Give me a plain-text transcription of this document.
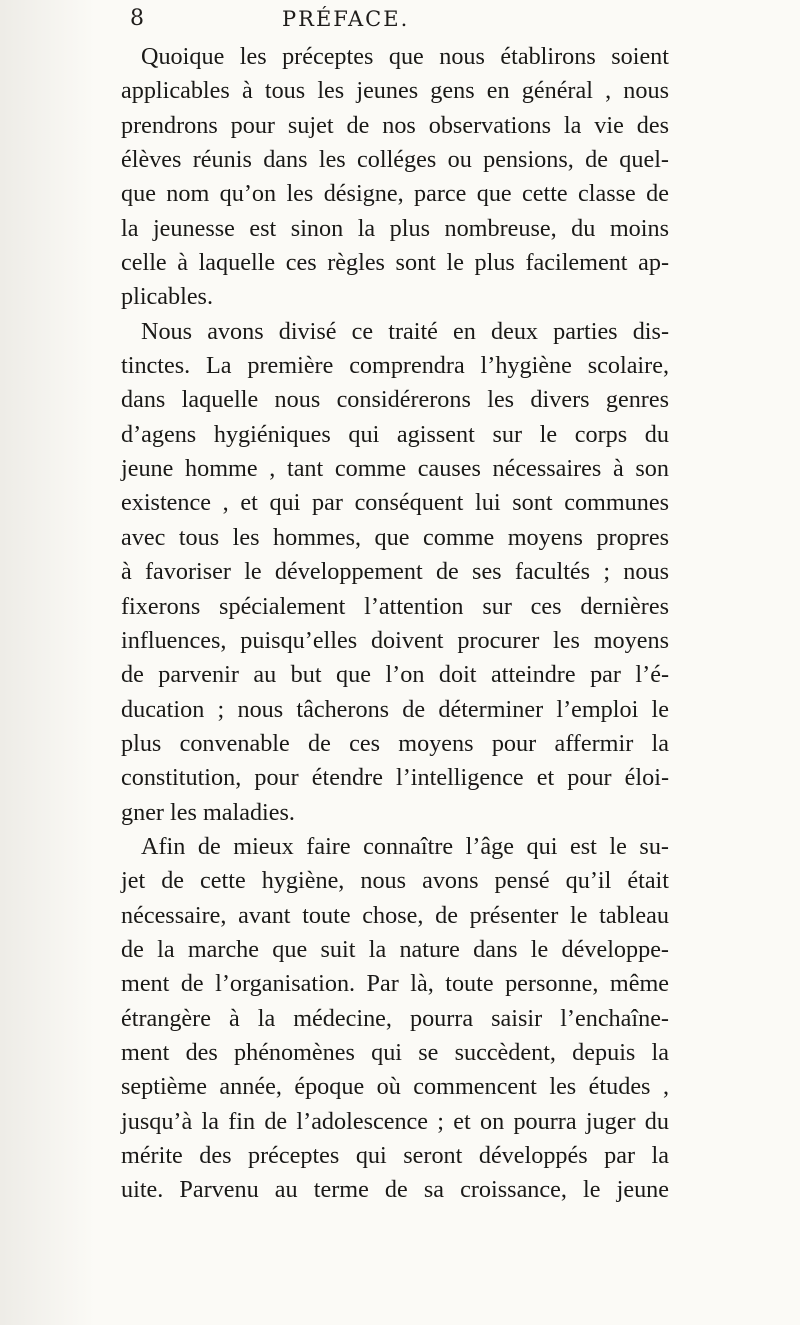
8	PRÉFACE.
Quoique les préceptes que nous établirons soient
applicables à tous les jeunes gens en général , nous
prendrons pour sujet de nos observations la vie des
élèves réunis dans les colléges ou pensions, de quel-
que nom qu’on les désigne, parce que cette classe de
la jeunesse est sinon la plus nombreuse, du moins
celle à laquelle ces règles sont le plus facilement ap-
plicables.
Nous avons divisé ce traité en deux parties dis-
tinctes. La première comprendra l’hygiène scolaire,
dans laquelle nous considérerons les divers genres
d’agens hygiéniques qui agissent sur le corps du
jeune homme , tant comme causes nécessaires à son
existence , et qui par conséquent lui sont communes
avec tous les hommes, que comme moyens propres
à favoriser le développement de ses facultés ; nous
fixerons spécialement l’attention sur ces dernières
influences, puisqu’elles doivent procurer les moyens
de parvenir au but que l’on doit atteindre par l’é-
ducation ; nous tâcherons de déterminer l’emploi le
plus convenable de ces moyens pour affermir la
constitution, pour étendre l’intelligence et pour éloi-
gner les maladies.
Afin de mieux faire connaître l’âge qui est le su-
jet de cette hygiène, nous avons pensé qu’il était
nécessaire, avant toute chose, de présenter le tableau
de la marche que suit la nature dans le développe-
ment de l’organisation. Par là, toute personne, même
étrangère à la médecine, pourra saisir l’enchaîne-
ment des phénomènes qui se succèdent, depuis la
septième année, époque où commencent les études ,
jusqu’à la fin de l’adolescence ; et on pourra juger du
mérite des préceptes qui seront développés par la
uite. Parvenu au terme de sa croissance, le jeune
